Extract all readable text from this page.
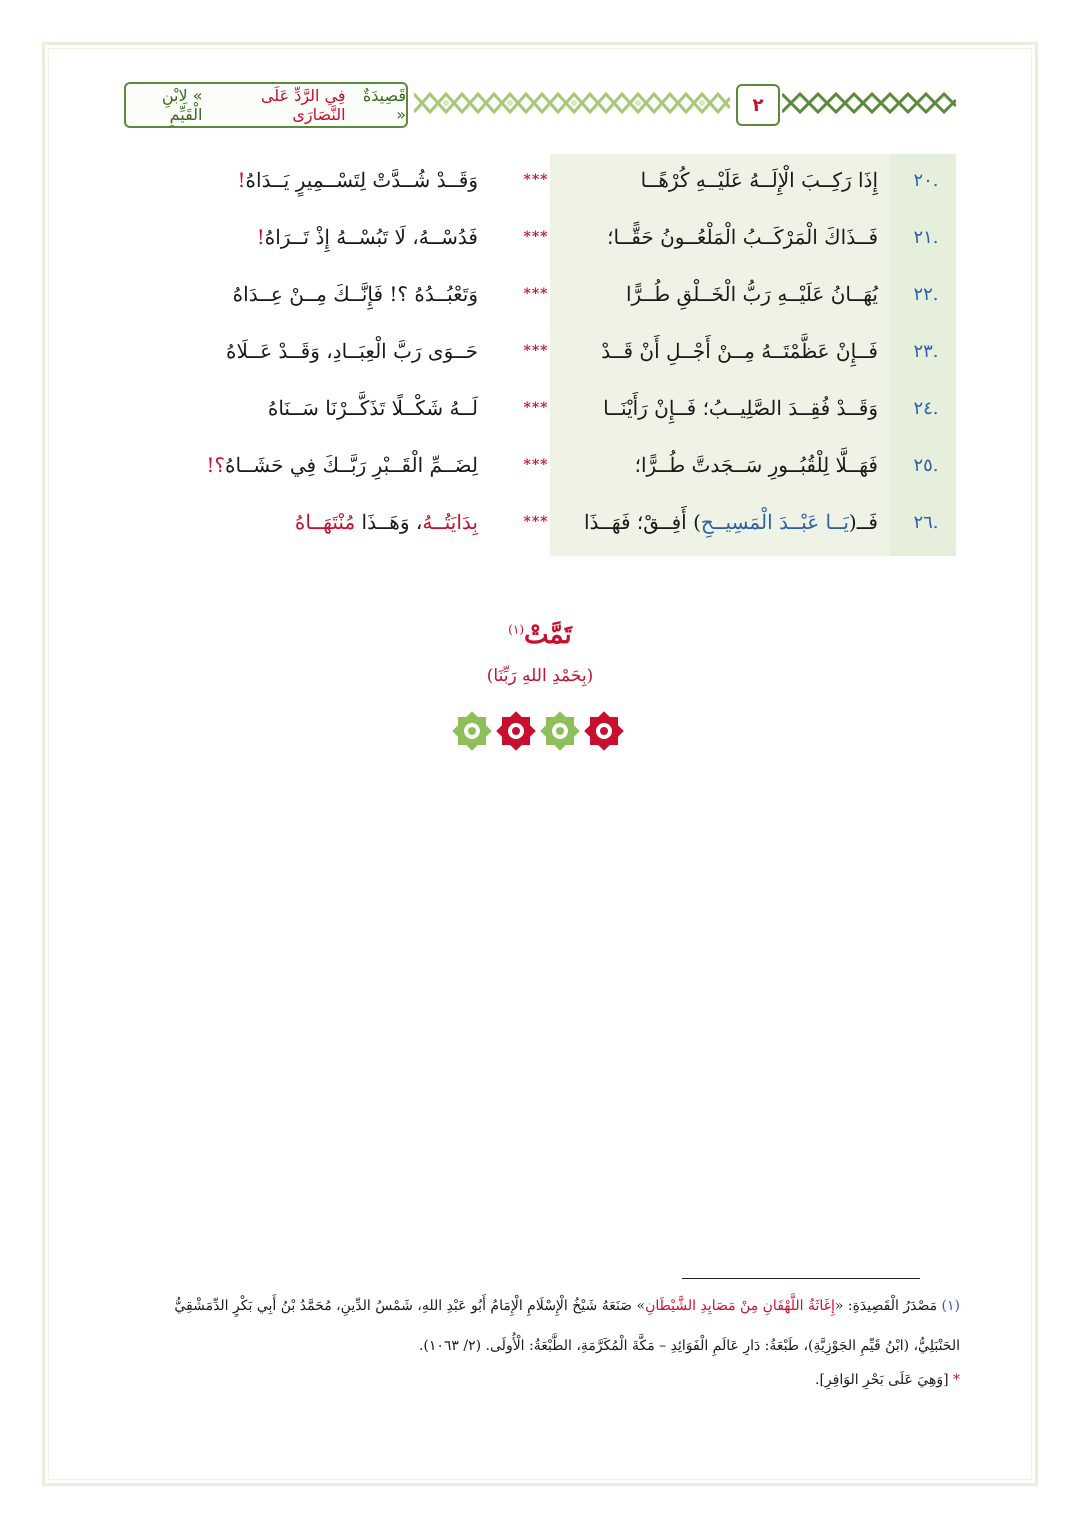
قَصِيدَةٌ «
فِي الرَّدِّ عَلَى النَّصَارَى
» لِابْنِ الْقَيِّمِ	٢
.٢٠
إِذَا رَكِــبَ الْإِلَــهُ عَلَيْــهِ كُرْهًــا
***
وَقَــدْ شُــدَّتْ لِتَسْــمِيرٍ يَــدَاهُ!
.٢١
فَــذَاكَ الْمَرْكَــبُ الْمَلْعُــونُ حَقًّــا؛
***
فَدُسْــهُ، لَا تَبُسْــهُ إِذْ تَــرَاهُ!
.٢٢
يُهَــانُ عَلَيْــهِ رَبُّ الْخَــلْقِ طُــرًّا
***
وَتَعْبُــدُهُ ؟! فَإِنَّــكَ مِــنْ عِــدَاهُ
.٢٣
فَــإِنْ عَظَّمْتَــهُ مِــنْ أَجْــلِ أَنْ قَــدْ
***
حَــوَى رَبَّ الْعِبَــادِ، وَقَــدْ عَــلَاهُ
.٢٤
وَقَــدْ فُقِــدَ الصَّلِيــبُ؛ فَــإِنْ رَأَيْنَــا
***
لَــهُ شَكْــلًا تَذَكَّــرْنَا سَــنَاهُ
.٢٥
فَهَــلَّا لِلْقُبُــورِ سَــجَدتَّ طُــرًّا؛
***
لِضَــمِّ الْقَــبْرِ رَبَّــكَ فِي حَشَــاهُ؟!
.٢٦
فَــ(يَــا عَبْــدَ الْمَسِيــحِ) أَفِــقْ؛ فَهَــذَا
***
بِدَايَتُــهُ، وَهَــذَا مُنْتَهَــاهُ
تَمَّتْ$^{(١)}$
(بِحَمْدِ اللهِ رَبِّنَا)
(١) مَصْدَرُ الْقَصِيدَةِ: «إِغَاثَةُ اللَّهْفَانِ مِنْ مَصَايِدِ الشَّيْطَانِ» صَنَعَهُ شَيْخُ الْإِسْلَامِ الْإِمَامُ أَبُو عَبْدِ اللهِ، شَمْسُ الدِّينِ، مُحَمَّدُ بْنُ أَبِي بَكْرٍ الدِّمَشْقِيُّ
الحَنْبَلِيُّ، (ابْنُ قَيِّمِ الجَوْزِيَّةِ)، طَبْعَةُ: دَارِ عَالَمِ الْفَوَائِدِ – مَكَّةَ الْمُكَرَّمَةِ، الطَّبْعَةُ: الْأُولَى. (٢/ ١٠٦٣).
* [وَهِيَ عَلَى بَحْرِ الوَافِرِ].
